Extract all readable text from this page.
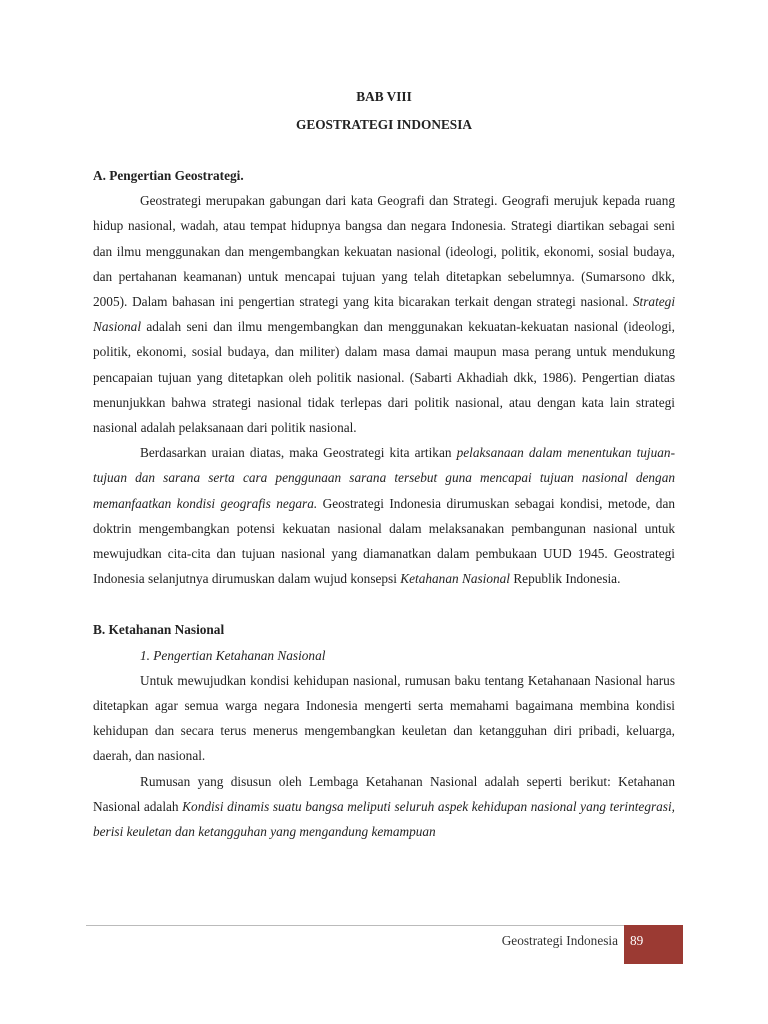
BAB VIII
GEOSTRATEGI INDONESIA
A. Pengertian Geostrategi.

Geostrategi merupakan gabungan dari kata Geografi dan Strategi. Geografi merujuk kepada ruang hidup nasional, wadah, atau tempat hidupnya bangsa dan negara Indonesia. Strategi diartikan sebagai seni dan ilmu menggunakan dan mengembangkan kekuatan nasional (ideologi, politik, ekonomi, sosial budaya, dan pertahanan keamanan) untuk mencapai tujuan yang telah ditetapkan sebelumnya. (Sumarsono dkk, 2005). Dalam bahasan ini pengertian strategi yang kita bicarakan terkait dengan strategi nasional. Strategi Nasional adalah seni dan ilmu mengembangkan dan menggunakan kekuatan-kekuatan nasional (ideologi, politik, ekonomi, sosial budaya, dan militer) dalam masa damai maupun masa perang untuk mendukung pencapaian tujuan yang ditetapkan oleh politik nasional. (Sabarti Akhadiah dkk, 1986). Pengertian diatas menunjukkan bahwa strategi nasional tidak terlepas dari politik nasional, atau dengan kata lain strategi nasional adalah pelaksanaan dari politik nasional.

Berdasarkan uraian diatas, maka Geostrategi kita artikan pelaksanaan dalam menentukan tujuan-tujuan dan sarana serta cara penggunaan sarana tersebut guna mencapai tujuan nasional dengan memanfaatkan kondisi geografis negara. Geostrategi Indonesia dirumuskan sebagai kondisi, metode, dan doktrin mengembangkan potensi kekuatan nasional dalam melaksanakan pembangunan nasional untuk mewujudkan cita-cita dan tujuan nasional yang diamanatkan dalam pembukaan UUD 1945. Geostrategi Indonesia selanjutnya dirumuskan dalam wujud konsepsi Ketahanan Nasional Republik Indonesia.

B. Ketahanan Nasional
1. Pengertian Ketahanan Nasional

Untuk mewujudkan kondisi kehidupan nasional, rumusan baku tentang Ketahanaan Nasional harus ditetapkan agar semua warga negara Indonesia mengerti serta memahami bagaimana membina kondisi kehidupan dan secara terus menerus mengembangkan keuletan dan ketangguhan diri pribadi, keluarga, daerah, dan nasional.

Rumusan yang disusun oleh Lembaga Ketahanan Nasional adalah seperti berikut: Ketahanan Nasional adalah Kondisi dinamis suatu bangsa meliputi seluruh aspek kehidupan nasional yang terintegrasi, berisi keuletan dan ketangguhan yang mengandung kemampuan

Geostrategi Indonesia 89
